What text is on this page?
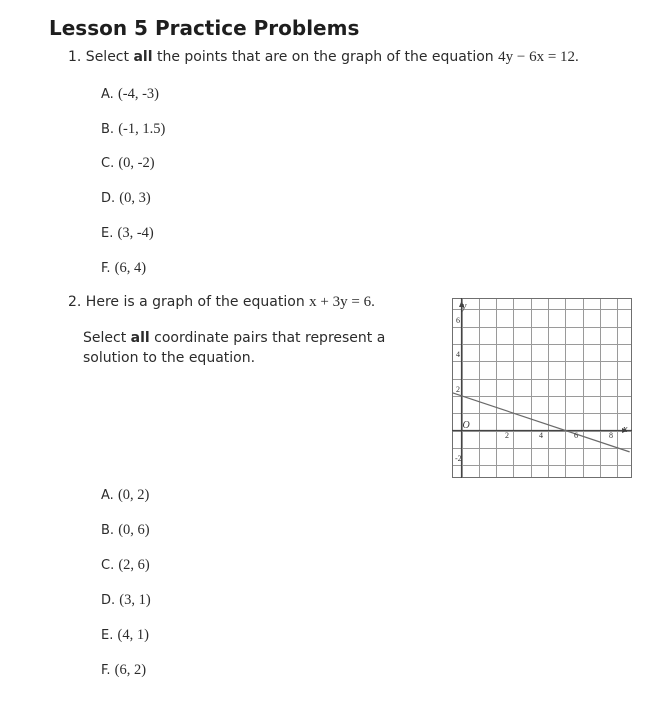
Lesson 5 Practice Problems
1. Select all the points that are on the graph of the equation 4y − 6x = 12.
A. (-4, -3)
B. (-1, 1.5)
C. (0, -2)
D. (0, 3)
E. (3, -4)
F. (6, 4)
2. Here is a graph of the equation x + 3y = 6.
Select all coordinate pairs that represent a solution to the equation.
y
x
O
2	4	6	8
6
4
2
-2
A. (0, 2)
B. (0, 6)
C. (2, 6)
D. (3, 1)
E. (4, 1)
F. (6, 2)
